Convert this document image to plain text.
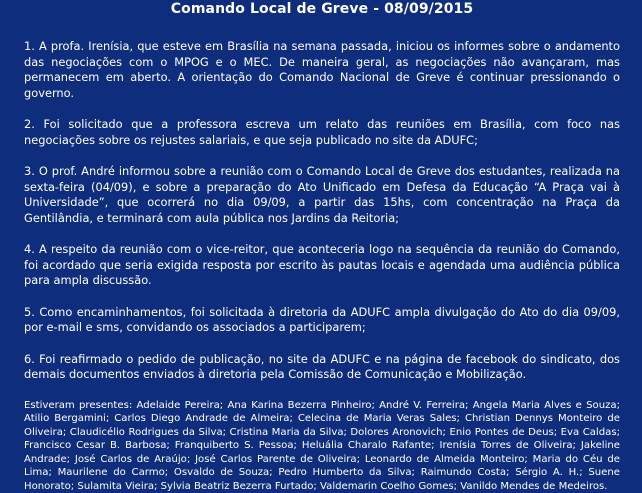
Comando Local de Greve - 08/09/2015

1. A profa. Irenísia, que esteve em Brasília na semana passada, iniciou os informes sobre o andamento das negociações com o MPOG e o MEC. De maneira geral, as negociações não avançaram, mas permanecem em aberto. A orientação do Comando Nacional de Greve é continuar pressionando o governo.

2. Foi solicitado que a professora escreva um relato das reuniões em Brasília, com foco nas negociações sobre os rejustes salariais, e que seja publicado no site da ADUFC;

3. O prof. André informou sobre a reunião com o Comando Local de Greve dos estudantes, realizada na sexta-feira (04/09), e sobre a preparação do Ato Unificado em Defesa da Educação “A Praça vai à Universidade”, que ocorrerá no dia 09/09, a partir das 15hs, com concentração na Praça da Gentilândia, e terminará com aula pública nos Jardins da Reitoria;

4. A respeito da reunião com o vice-reitor, que aconteceria logo na sequência da reunião do Comando, foi acordado que seria exigida resposta por escrito às pautas locais e agendada uma audiência pública para ampla discussão.

5. Como encaminhamentos, foi solicitada à diretoria da ADUFC ampla divulgação do Ato do dia 09/09, por e-mail e sms, convidando os associados a participarem;

6. Foi reafirmado o pedido de publicação, no site da ADUFC e na página de facebook do sindicato, dos demais documentos enviados à diretoria pela Comissão de Comunicação e Mobilização.

Estiveram presentes: Adelaide Pereira; Ana Karina Bezerra Pinheiro; André V. Ferreira; Angela Maria Alves e Souza; Atilio Bergamini; Carlos Diego Andrade de Almeira; Celecina de Maria Veras Sales; Christian Dennys Monteiro de Oliveira; Claudicélio Rodrigues da Silva; Cristina Maria da Silva; Dolores Aronovich; Enio Pontes de Deus; Eva Caldas; Francisco Cesar B. Barbosa; Franquiberto S. Pessoa; Heluália Charalo Rafante; Irenísia Torres de Oliveira; Jakeline Andrade; José Carlos de Araújo; José Carlos Parente de Oliveira; Leonardo de Almeida Monteiro; Maria do Céu de Lima; Maurilene do Carmo; Osvaldo de Souza; Pedro Humberto da Silva; Raimundo Costa; Sérgio A. H.; Suene Honorato; Sulamita Vieira; Sylvia Beatriz Bezerra Furtado; Valdemarin Coelho Gomes; Vanildo Mendes de Medeiros.
